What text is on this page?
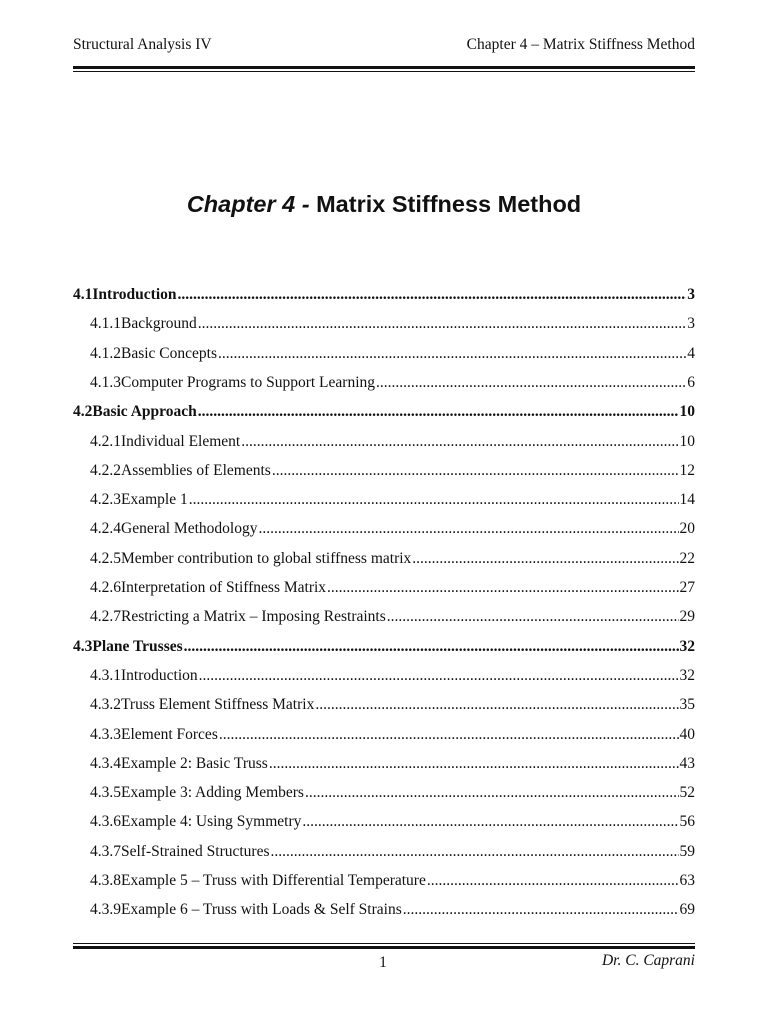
Structural Analysis IV	Chapter 4 – Matrix Stiffness Method
Chapter 4 - Matrix Stiffness Method
4.1 Introduction .....	3
4.1.1 Background .....	3
4.1.2 Basic Concepts .....	4
4.1.3 Computer Programs to Support Learning .....	6
4.2 Basic Approach .....	10
4.2.1 Individual Element .....	10
4.2.2 Assemblies of Elements .....	12
4.2.3 Example 1 .....	14
4.2.4 General Methodology .....	20
4.2.5 Member contribution to global stiffness matrix .....	22
4.2.6 Interpretation of Stiffness Matrix .....	27
4.2.7 Restricting a Matrix – Imposing Restraints .....	29
4.3 Plane Trusses .....	32
4.3.1 Introduction .....	32
4.3.2 Truss Element Stiffness Matrix .....	35
4.3.3 Element Forces .....	40
4.3.4 Example 2: Basic Truss .....	43
4.3.5 Example 3: Adding Members .....	52
4.3.6 Example 4: Using Symmetry .....	56
4.3.7 Self-Strained Structures .....	59
4.3.8 Example 5 – Truss with Differential Temperature .....	63
4.3.9 Example 6 – Truss with Loads & Self Strains .....	69
1	Dr. C. Caprani
